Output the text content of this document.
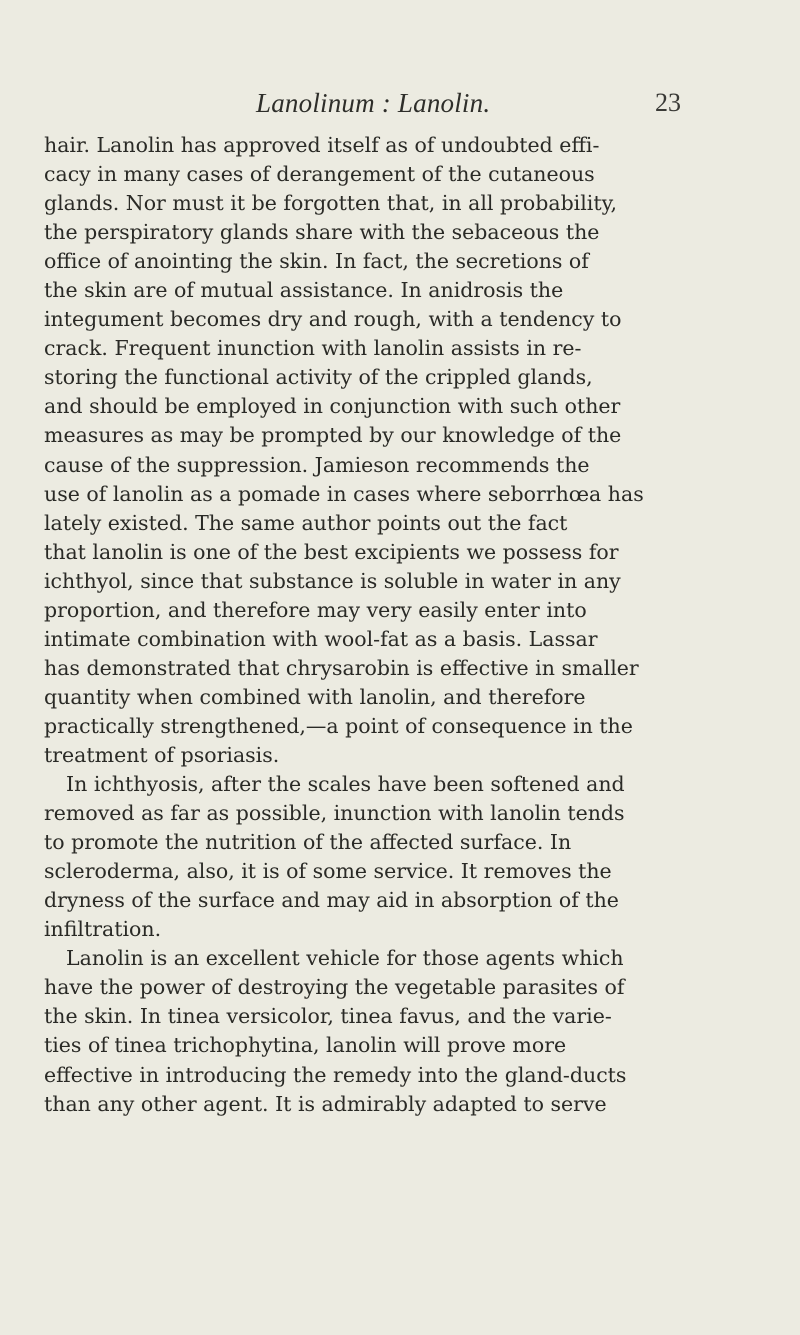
Lanolinum : Lanolin.	23
hair. Lanolin has approved itself as of undoubted effi-
cacy in many cases of derangement of the cutaneous
glands. Nor must it be forgotten that, in all probability,
the perspiratory glands share with the sebaceous the
office of anointing the skin. In fact, the secretions of
the skin are of mutual assistance. In anidrosis the
integument becomes dry and rough, with a tendency to
crack. Frequent inunction with lanolin assists in re-
storing the functional activity of the crippled glands,
and should be employed in conjunction with such other
measures as may be prompted by our knowledge of the
cause of the suppression. Jamieson recommends the
use of lanolin as a pomade in cases where seborrhœa has
lately existed. The same author points out the fact
that lanolin is one of the best excipients we possess for
ichthyol, since that substance is soluble in water in any
proportion, and therefore may very easily enter into
intimate combination with wool-fat as a basis. Lassar
has demonstrated that chrysarobin is effective in smaller
quantity when combined with lanolin, and therefore
practically strengthened,—a point of consequence in the
treatment of psoriasis.
In ichthyosis, after the scales have been softened and
removed as far as possible, inunction with lanolin tends
to promote the nutrition of the affected surface. In
scleroderma, also, it is of some service. It removes the
dryness of the surface and may aid in absorption of the
infiltration.
Lanolin is an excellent vehicle for those agents which
have the power of destroying the vegetable parasites of
the skin. In tinea versicolor, tinea favus, and the varie-
ties of tinea trichophytina, lanolin will prove more
effective in introducing the remedy into the gland-ducts
than any other agent. It is admirably adapted to serve
